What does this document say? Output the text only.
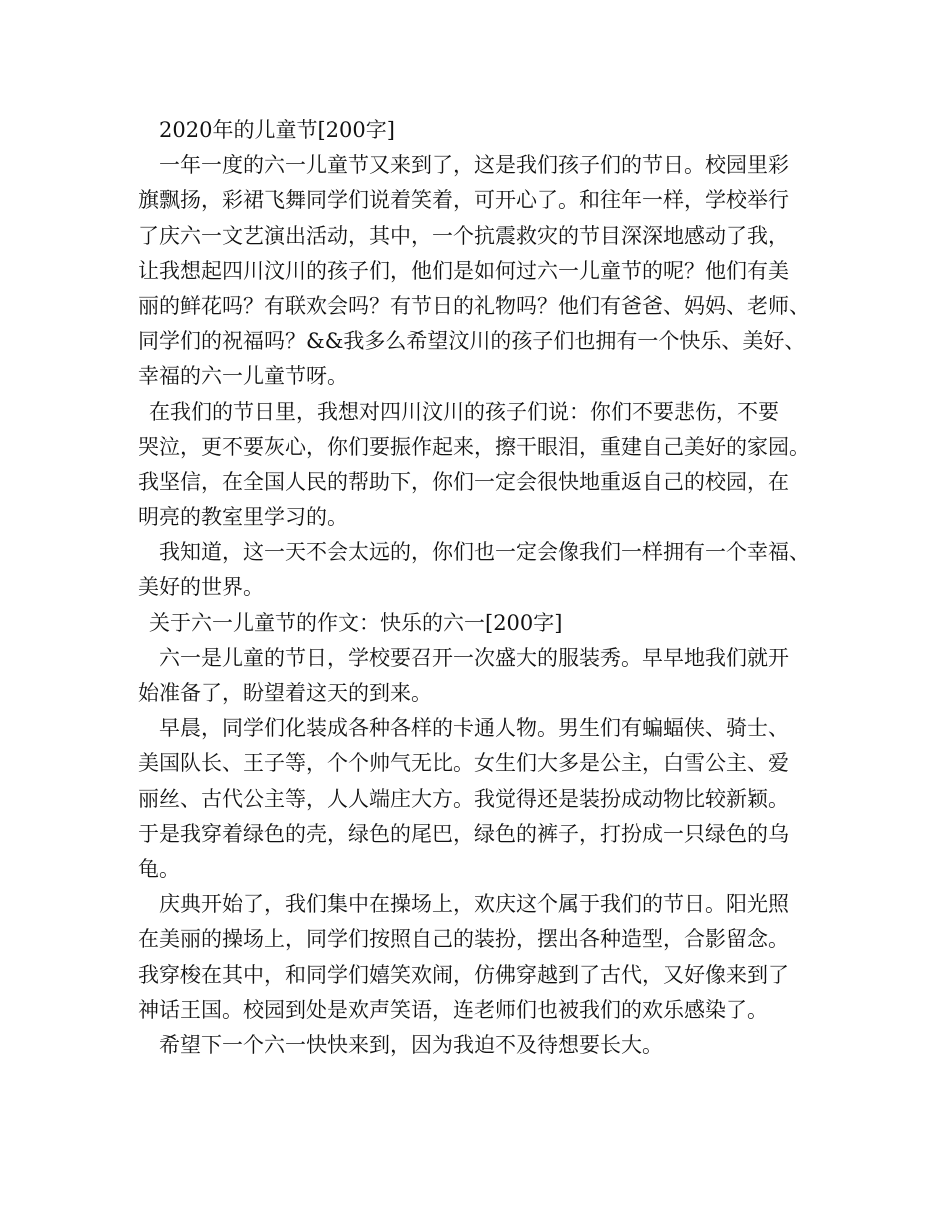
2020年的儿童节[200字]
一年一度的六一儿童节又来到了，这是我们孩子们的节日。校园里彩
旗飘扬，彩裙飞舞同学们说着笑着，可开心了。和往年一样，学校举行
了庆六一文艺演出活动，其中，一个抗震救灾的节目深深地感动了我，
让我想起四川汶川的孩子们，他们是如何过六一儿童节的呢？他们有美
丽的鲜花吗？有联欢会吗？有节日的礼物吗？他们有爸爸、妈妈、老师、
同学们的祝福吗？&&我多么希望汶川的孩子们也拥有一个快乐、美好、
幸福的六一儿童节呀。
在我们的节日里，我想对四川汶川的孩子们说：你们不要悲伤，不要
哭泣，更不要灰心，你们要振作起来，擦干眼泪，重建自己美好的家园。
我坚信，在全国人民的帮助下，你们一定会很快地重返自己的校园，在
明亮的教室里学习的。
我知道，这一天不会太远的，你们也一定会像我们一样拥有一个幸福、
美好的世界。
关于六一儿童节的作文：快乐的六一[200字]
六一是儿童的节日，学校要召开一次盛大的服装秀。早早地我们就开
始准备了，盼望着这天的到来。
早晨，同学们化装成各种各样的卡通人物。男生们有蝙蝠侠、骑士、
美国队长、王子等，个个帅气无比。女生们大多是公主，白雪公主、爱
丽丝、古代公主等，人人端庄大方。我觉得还是装扮成动物比较新颖。
于是我穿着绿色的壳，绿色的尾巴，绿色的裤子，打扮成一只绿色的乌
龟。
庆典开始了，我们集中在操场上，欢庆这个属于我们的节日。阳光照
在美丽的操场上，同学们按照自己的装扮，摆出各种造型，合影留念。
我穿梭在其中，和同学们嬉笑欢闹，仿佛穿越到了古代，又好像来到了
神话王国。校园到处是欢声笑语，连老师们也被我们的欢乐感染了。
希望下一个六一快快来到，因为我迫不及待想要长大。
